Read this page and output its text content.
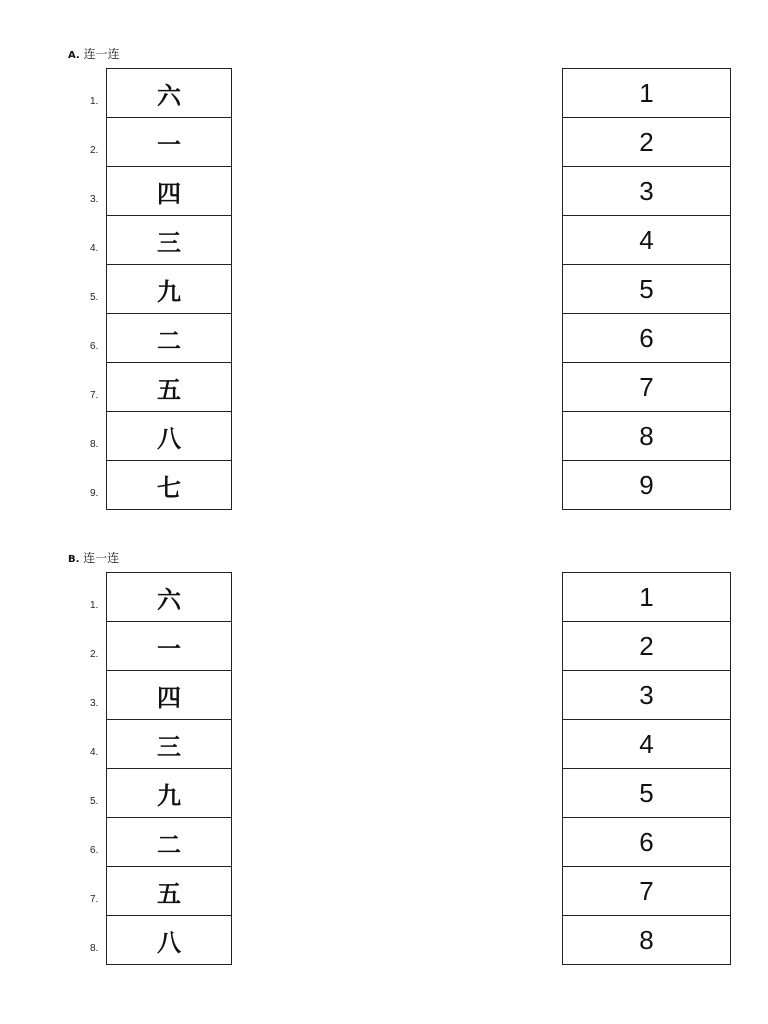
A. 连一连
1. 六
2. 一
3. 四
4. 三
5. 九
6. 二
7. 五
8. 八
9. 七
1
2
3
4
5
6
7
8
9
B. 连一连
1. 六
2. 一
3. 四
4. 三
5. 九
6. 二
7. 五
8. 八
1
2
3
4
5
6
7
8
